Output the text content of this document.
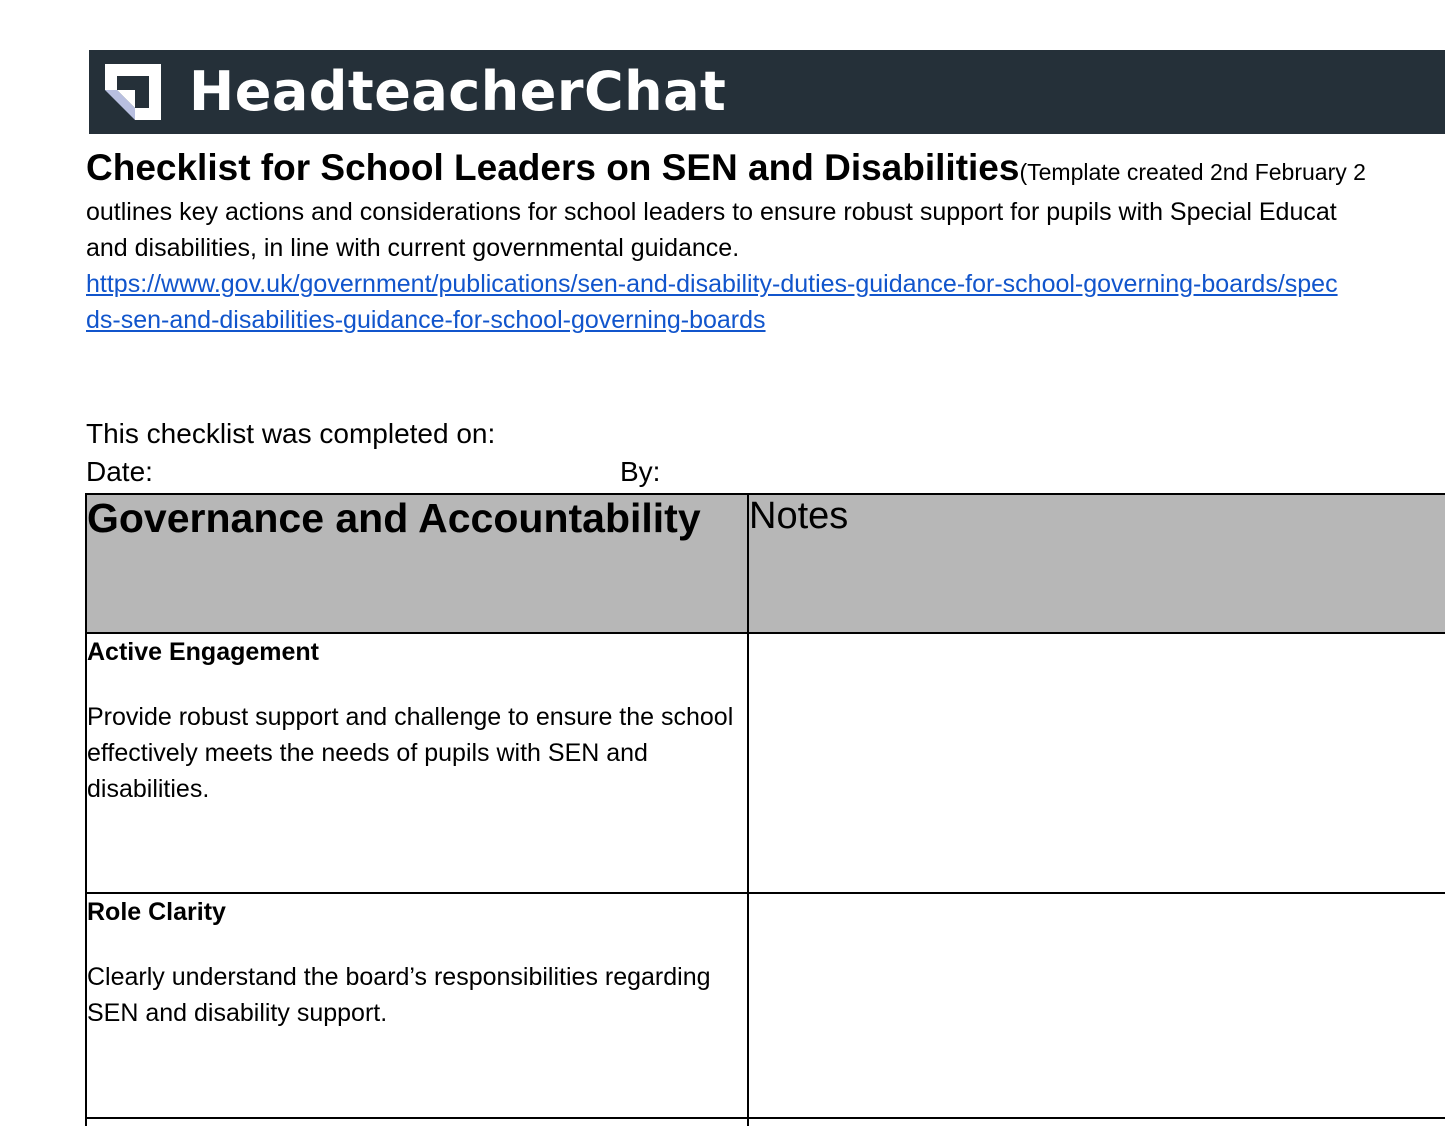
HeadteacherChat
Checklist for School Leaders on SEN and Disabilities(Template created 2nd February 2
outlines key actions and considerations for school leaders to ensure robust support for pupils with Special Educat
and disabilities, in line with current governmental guidance.
https://www.gov.uk/government/publications/sen-and-disability-duties-guidance-for-school-governing-boards/spec
ds-sen-and-disabilities-guidance-for-school-governing-boards
This checklist was completed on:
Date:	By:
Governance and Accountability	Notes

Active Engagement
Provide robust support and challenge to ensure the school effectively meets the needs of pupils with SEN and disabilities.	

Role Clarity
Clearly understand the board’s responsibilities regarding SEN and disability support.	
